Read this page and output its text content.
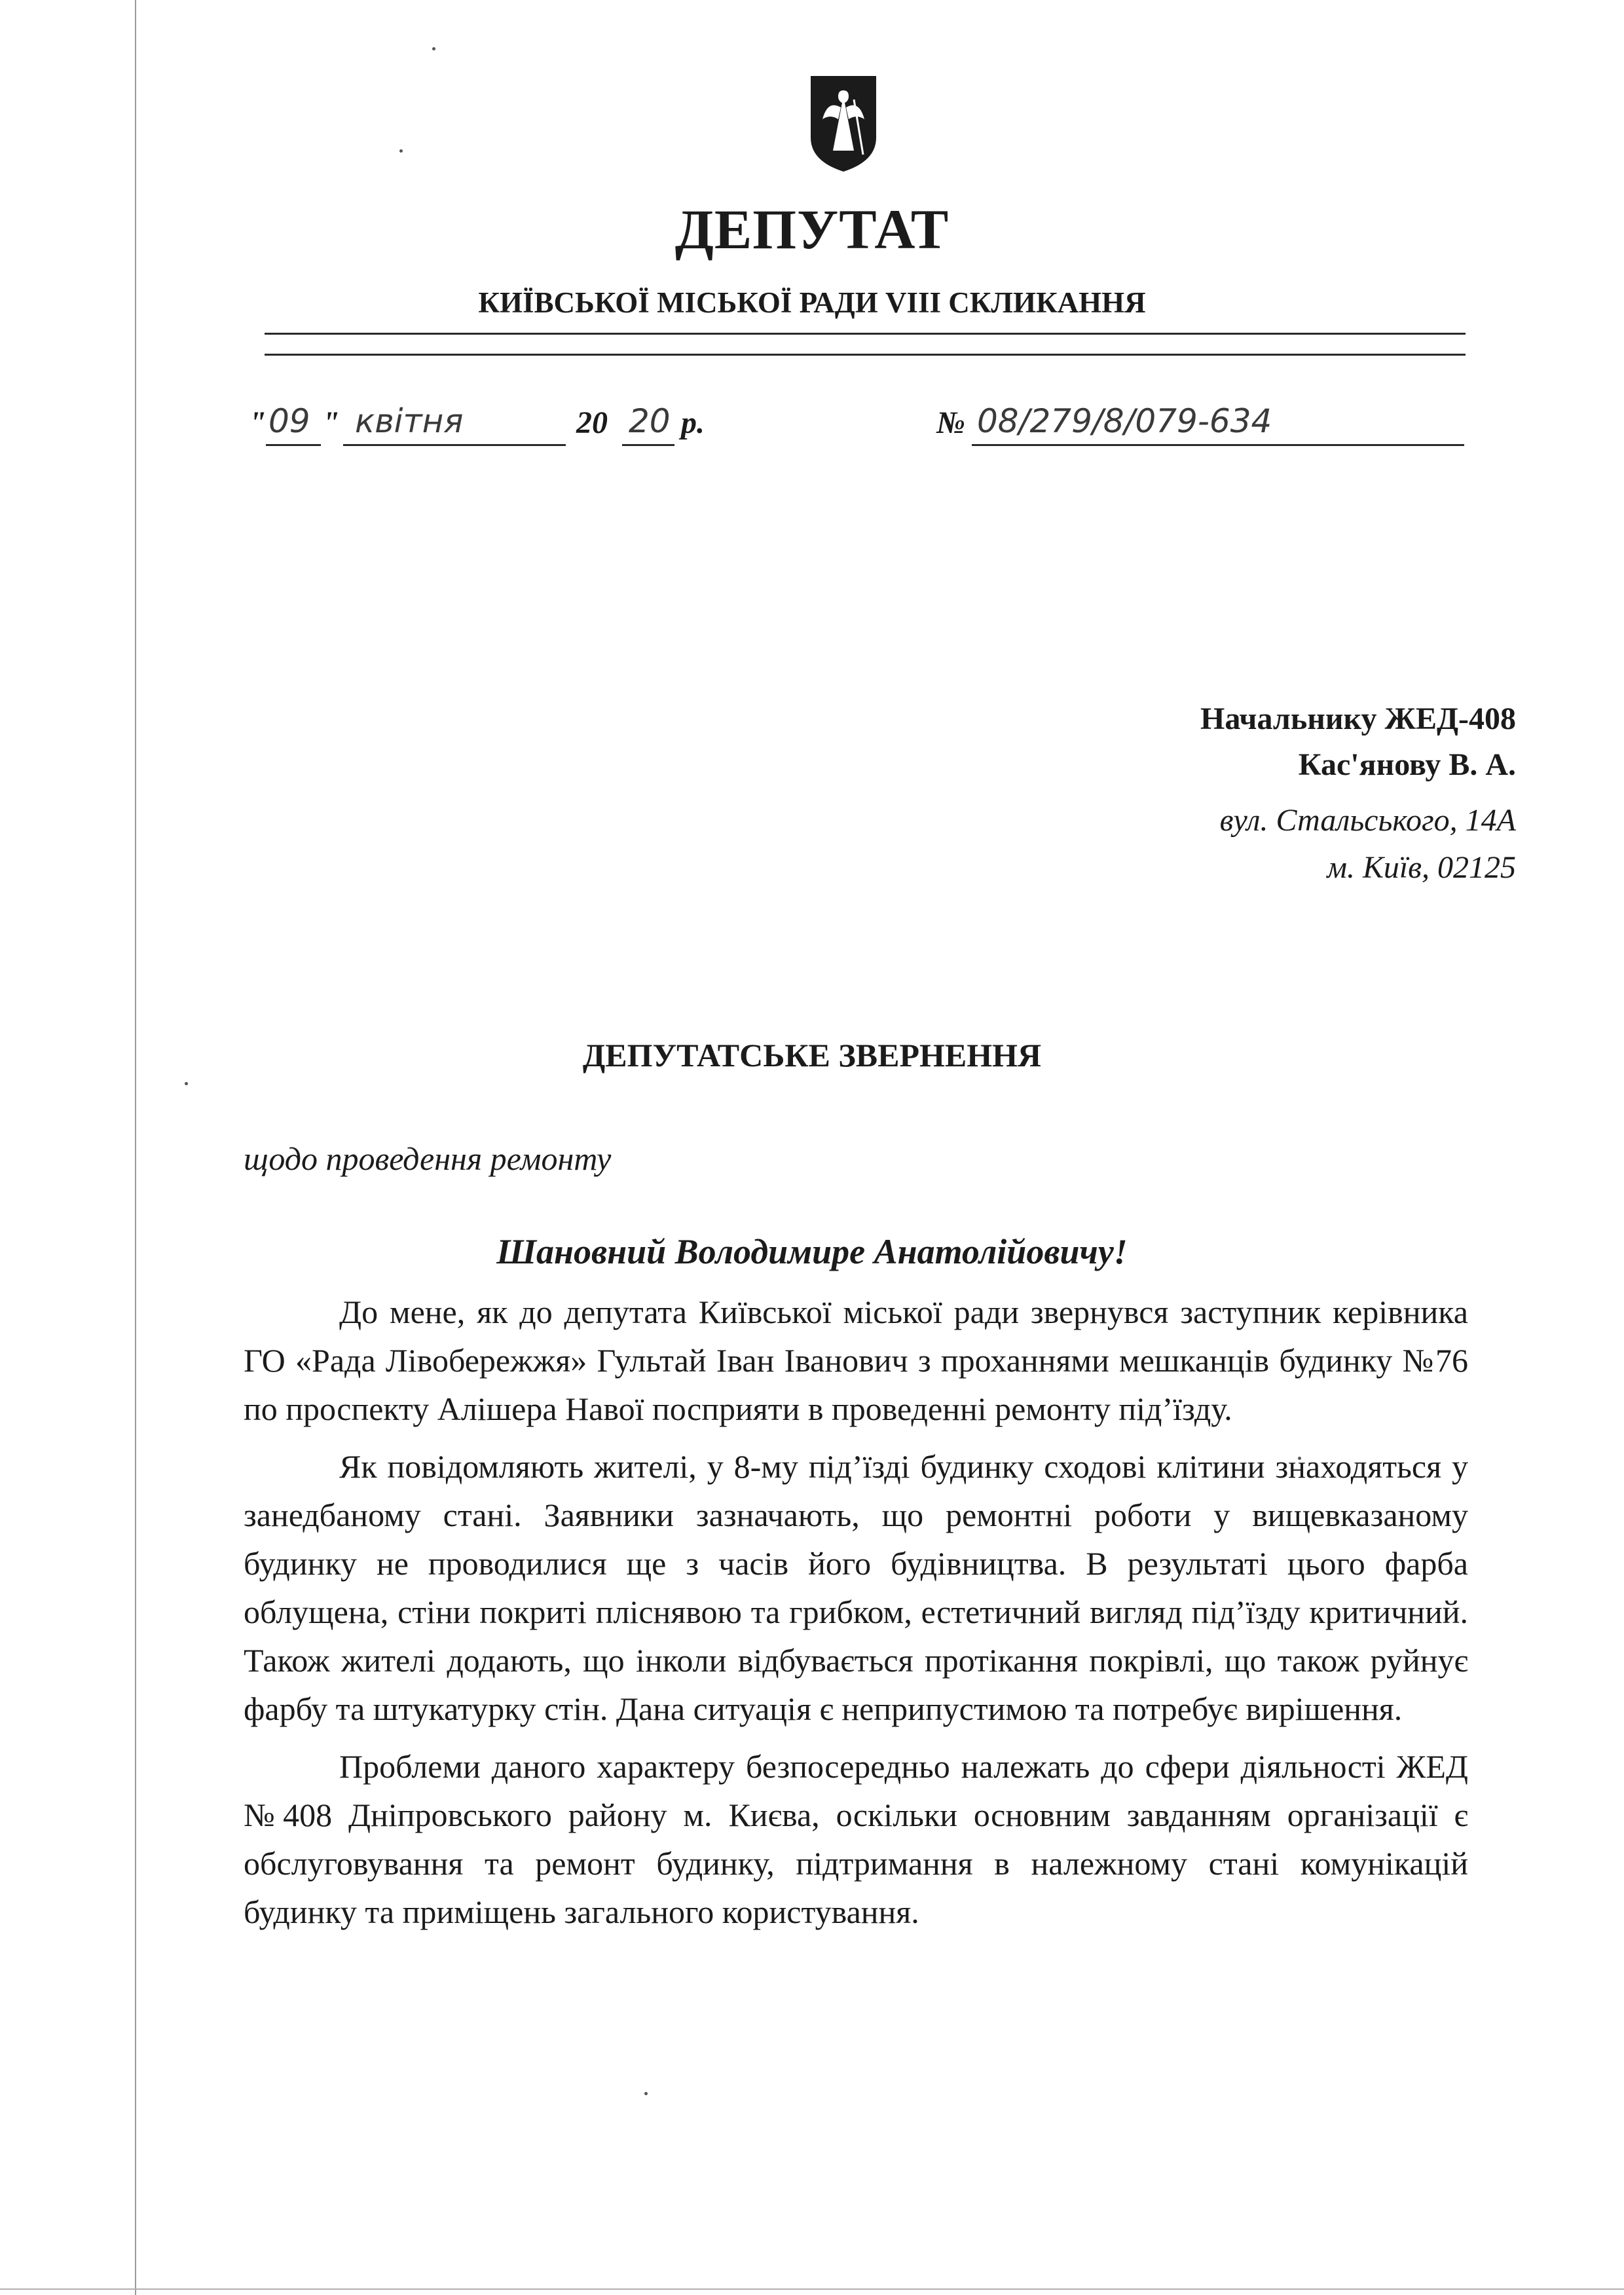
ДЕПУТАТ
КИЇВСЬКОЇ МІСЬКОЇ РАДИ VIII СКЛИКАННЯ
" 09 " квітня	20 20 р.	№ 08/279/8/079-634
Начальнику ЖЕД-408
Кас'янову В. А.
вул. Стальського, 14А
м. Київ, 02125
ДЕПУТАТСЬКЕ ЗВЕРНЕННЯ
щодо проведення ремонту
Шановний Володимире Анатолійовичу!

До мене, як до депутата Київської міської ради звернувся заступник керівника ГО «Рада Лівобережжя» Гультай Іван Іванович з проханнями мешканців будинку №76 по проспекту Алішера Навої посприяти в проведенні ремонту під’їзду.

Як повідомляють жителі, у 8-му під’їзді будинку сходові клітини знаходяться у занедбаному стані. Заявники зазначають, що ремонтні роботи у вищевказаному будинку не проводилися ще з часів його будівництва. В результаті цього фарба облущена, стіни покриті пліснявою та грибком, естетичний вигляд під’їзду критичний. Також жителі додають, що інколи відбувається протікання покрівлі, що також руйнує фарбу та штукатурку стін. Дана ситуація є неприпустимою та потребує вирішення.

Проблеми даного характеру безпосередньо належать до сфери діяльності ЖЕД №408 Дніпровського району м. Києва, оскільки основним завданням організації є обслуговування та ремонт будинку, підтримання в належному стані комунікацій будинку та приміщень загального користування.
